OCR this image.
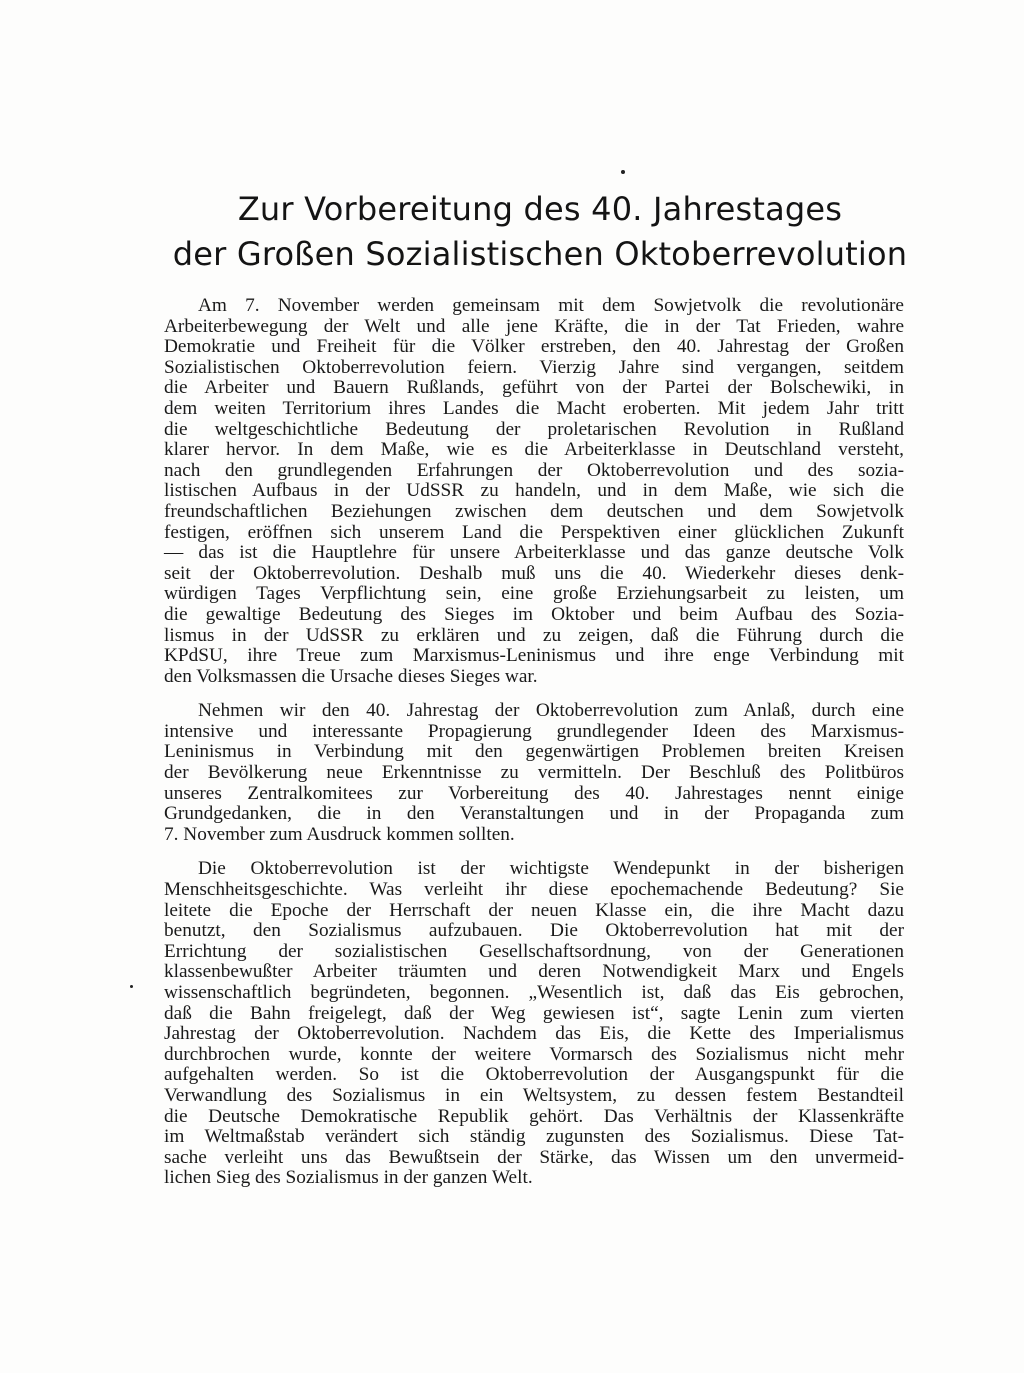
Zur Vorbereitung des 40. Jahrestages
der Großen Sozialistischen Oktoberrevolution

Am 7. November werden gemeinsam mit dem Sowjetvolk die revolutionäre
Arbeiterbewegung der Welt und alle jene Kräfte, die in der Tat Frieden, wahre
Demokratie und Freiheit für die Völker erstreben, den 40. Jahrestag der Großen
Sozialistischen Oktoberrevolution feiern. Vierzig Jahre sind vergangen, seitdem
die Arbeiter und Bauern Rußlands, geführt von der Partei der Bolschewiki, in
dem weiten Territorium ihres Landes die Macht eroberten. Mit jedem Jahr tritt
die weltgeschichtliche Bedeutung der proletarischen Revolution in Rußland
klarer hervor. In dem Maße, wie es die Arbeiterklasse in Deutschland versteht,
nach den grundlegenden Erfahrungen der Oktoberrevolution und des sozia-
listischen Aufbaus in der UdSSR zu handeln, und in dem Maße, wie sich die
freundschaftlichen Beziehungen zwischen dem deutschen und dem Sowjetvolk
festigen, eröffnen sich unserem Land die Perspektiven einer glücklichen Zukunft
— das ist die Hauptlehre für unsere Arbeiterklasse und das ganze deutsche Volk
seit der Oktoberrevolution. Deshalb muß uns die 40. Wiederkehr dieses denk-
würdigen Tages Verpflichtung sein, eine große Erziehungsarbeit zu leisten, um
die gewaltige Bedeutung des Sieges im Oktober und beim Aufbau des Sozia-
lismus in der UdSSR zu erklären und zu zeigen, daß die Führung durch die
KPdSU, ihre Treue zum Marxismus-Leninismus und ihre enge Verbindung mit
den Volksmassen die Ursache dieses Sieges war.

Nehmen wir den 40. Jahrestag der Oktoberrevolution zum Anlaß, durch eine
intensive und interessante Propagierung grundlegender Ideen des Marxismus-
Leninismus in Verbindung mit den gegenwärtigen Problemen breiten Kreisen
der Bevölkerung neue Erkenntnisse zu vermitteln. Der Beschluß des Politbüros
unseres Zentralkomitees zur Vorbereitung des 40. Jahrestages nennt einige
Grundgedanken, die in den Veranstaltungen und in der Propaganda zum
7. November zum Ausdruck kommen sollten.

Die Oktoberrevolution ist der wichtigste Wendepunkt in der bisherigen
Menschheitsgeschichte. Was verleiht ihr diese epochemachende Bedeutung? Sie
leitete die Epoche der Herrschaft der neuen Klasse ein, die ihre Macht dazu
benutzt, den Sozialismus aufzubauen. Die Oktoberrevolution hat mit der
Errichtung der sozialistischen Gesellschaftsordnung, von der Generationen
klassenbewußter Arbeiter träumten und deren Notwendigkeit Marx und Engels
wissenschaftlich begründeten, begonnen. „Wesentlich ist, daß das Eis gebrochen,
daß die Bahn freigelegt, daß der Weg gewiesen ist“, sagte Lenin zum vierten
Jahrestag der Oktoberrevolution. Nachdem das Eis, die Kette des Imperialismus
durchbrochen wurde, konnte der weitere Vormarsch des Sozialismus nicht mehr
aufgehalten werden. So ist die Oktoberrevolution der Ausgangspunkt für die
Verwandlung des Sozialismus in ein Weltsystem, zu dessen festem Bestandteil
die Deutsche Demokratische Republik gehört. Das Verhältnis der Klassenkräfte
im Weltmaßstab verändert sich ständig zugunsten des Sozialismus. Diese Tat-
sache verleiht uns das Bewußtsein der Stärke, das Wissen um den unvermeid-
lichen Sieg des Sozialismus in der ganzen Welt.
